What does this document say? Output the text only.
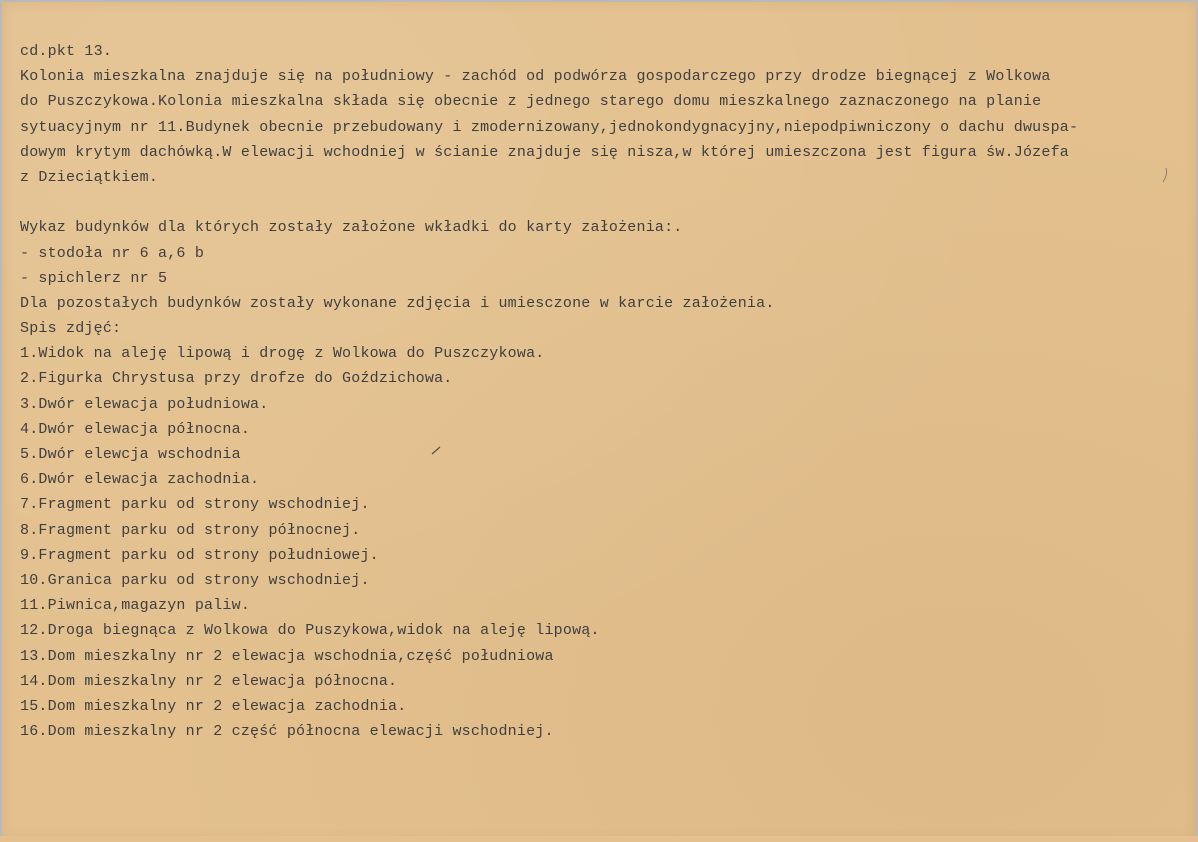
cd.pkt 13.
Kolonia mieszkalna znajduje się na południowy - zachód od podwórza gospodarczego przy drodze biegnącej z Wolkowa
do Puszczykowa.Kolonia mieszkalna składa się obecnie z jednego starego domu mieszkalnego zaznaczonego na planie
sytuacyjnym nr 11.Budynek obecnie przebudowany i zmodernizowany,jednokondygnacyjny,niepodpiwniczony o dachu dwuspa-
dowym krytym dachówką.W elewacji wchodniej w ścianie znajduje się nisza,w której umieszczona jest figura św.Józefa
z Dzieciątkiem.
Wykaz budynków dla których zostały założone wkładki do karty założenia:.
- stodoła nr 6 a,6 b
- spichlerz nr 5
Dla pozostałych budynków zostały wykonane zdjęcia i umiesczone w karcie założenia.
Spis zdjęć:
1.Widok na aleję lipową i drogę z Wolkowa do Puszczykowa.
2.Figurka Chrystusa przy drofze do Goździchowa.
3.Dwór elewacja południowa.
4.Dwór elewacja północna.
5.Dwór elewcja wschodnia
6.Dwór elewacja zachodnia.
7.Fragment parku od strony wschodniej.
8.Fragment parku od strony północnej.
9.Fragment parku od strony południowej.
10.Granica parku od strony wschodniej.
11.Piwnica,magazyn paliw.
12.Droga biegnąca z Wolkowa do Puszykowa,widok na aleję lipową.
13.Dom mieszkalny nr 2 elewacja wschodnia,część południowa
14.Dom mieszkalny nr 2 elewacja północna.
15.Dom mieszkalny nr 2 elewacja zachodnia.
16.Dom mieszkalny nr 2 część północna elewacji wschodniej.
